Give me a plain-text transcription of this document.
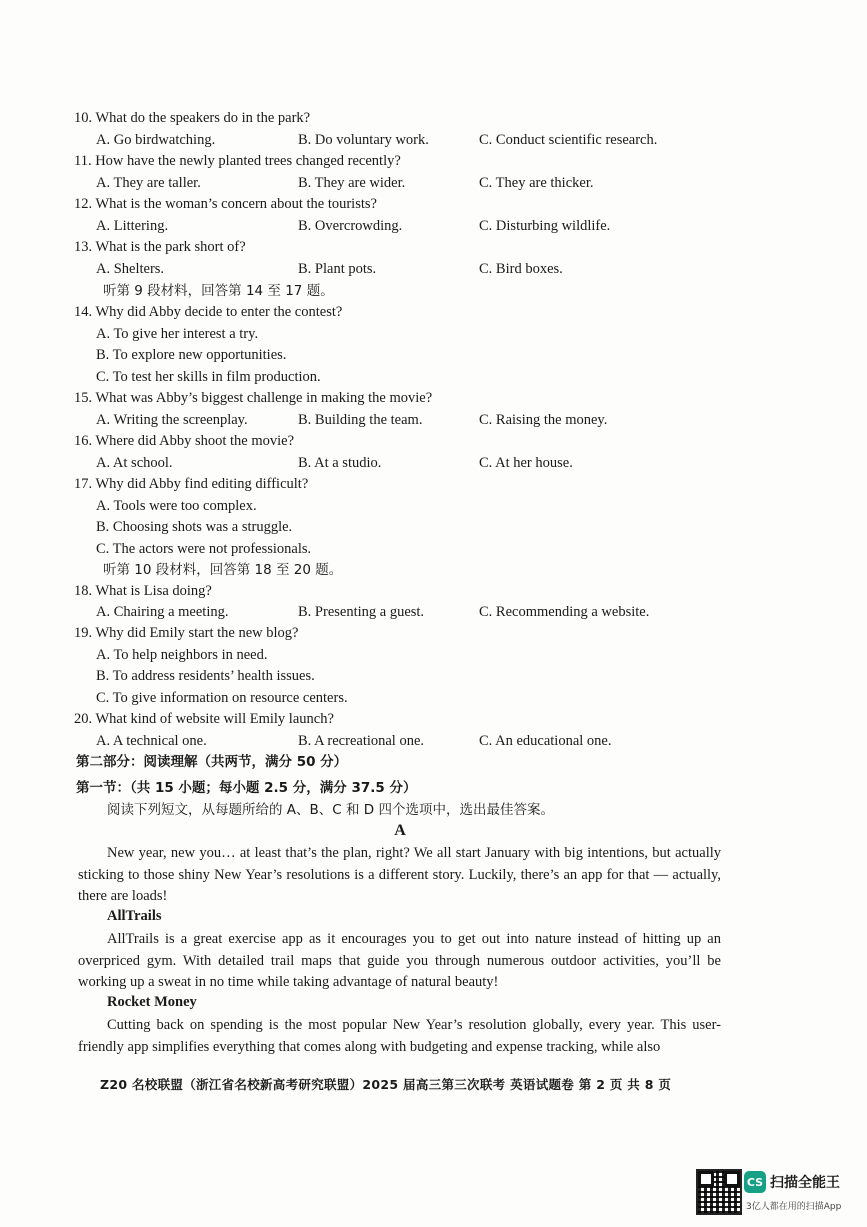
10. What do the speakers do in the park?
A. Go birdwatching.	B. Do voluntary work.	C. Conduct scientific research.
11. How have the newly planted trees changed recently?
A. They are taller.	B. They are wider.	C. They are thicker.
12. What is the woman’s concern about the tourists?
A. Littering.	B. Overcrowding.	C. Disturbing wildlife.
13. What is the park short of?
A. Shelters.	B. Plant pots.	C. Bird boxes.
听第 9 段材料，回答第 14 至 17 题。
14. Why did Abby decide to enter the contest?
A. To give her interest a try.
B. To explore new opportunities.
C. To test her skills in film production.
15. What was Abby’s biggest challenge in making the movie?
A. Writing the screenplay.	B. Building the team.	C. Raising the money.
16. Where did Abby shoot the movie?
A. At school.	B. At a studio.	C. At her house.
17. Why did Abby find editing difficult?
A. Tools were too complex.
B. Choosing shots was a struggle.
C. The actors were not professionals.
听第 10 段材料，回答第 18 至 20 题。
18. What is Lisa doing?
A. Chairing a meeting.	B. Presenting a guest.	C. Recommending a website.
19. Why did Emily start the new blog?
A. To help neighbors in need.
B. To address residents’ health issues.
C. To give information on resource centers.
20. What kind of website will Emily launch?
A. A technical one.	B. A recreational one.	C. An educational one.
第二部分：阅读理解（共两节，满分 50 分）
第一节：（共 15 小题；每小题 2.5 分，满分 37.5 分）
阅读下列短文，从每题所给的 A、B、C 和 D 四个选项中，选出最佳答案。
A
New year, new you… at least that’s the plan, right? We all start January with big intentions, but actually sticking to those shiny New Year’s resolutions is a different story. Luckily, there’s an app for that — actually, there are loads!
AllTrails
AllTrails is a great exercise app as it encourages you to get out into nature instead of hitting up an overpriced gym. With detailed trail maps that guide you through numerous outdoor activities, you’ll be working up a sweat in no time while taking advantage of natural beauty!
Rocket Money
Cutting back on spending is the most popular New Year’s resolution globally, every year. This user-friendly app simplifies everything that comes along with budgeting and expense tracking, while also
Z20 名校联盟（浙江省名校新高考研究联盟）2025 届高三第三次联考 英语试题卷 第 2 页 共 8 页
CS 扫描全能王
3亿人都在用的扫描App
